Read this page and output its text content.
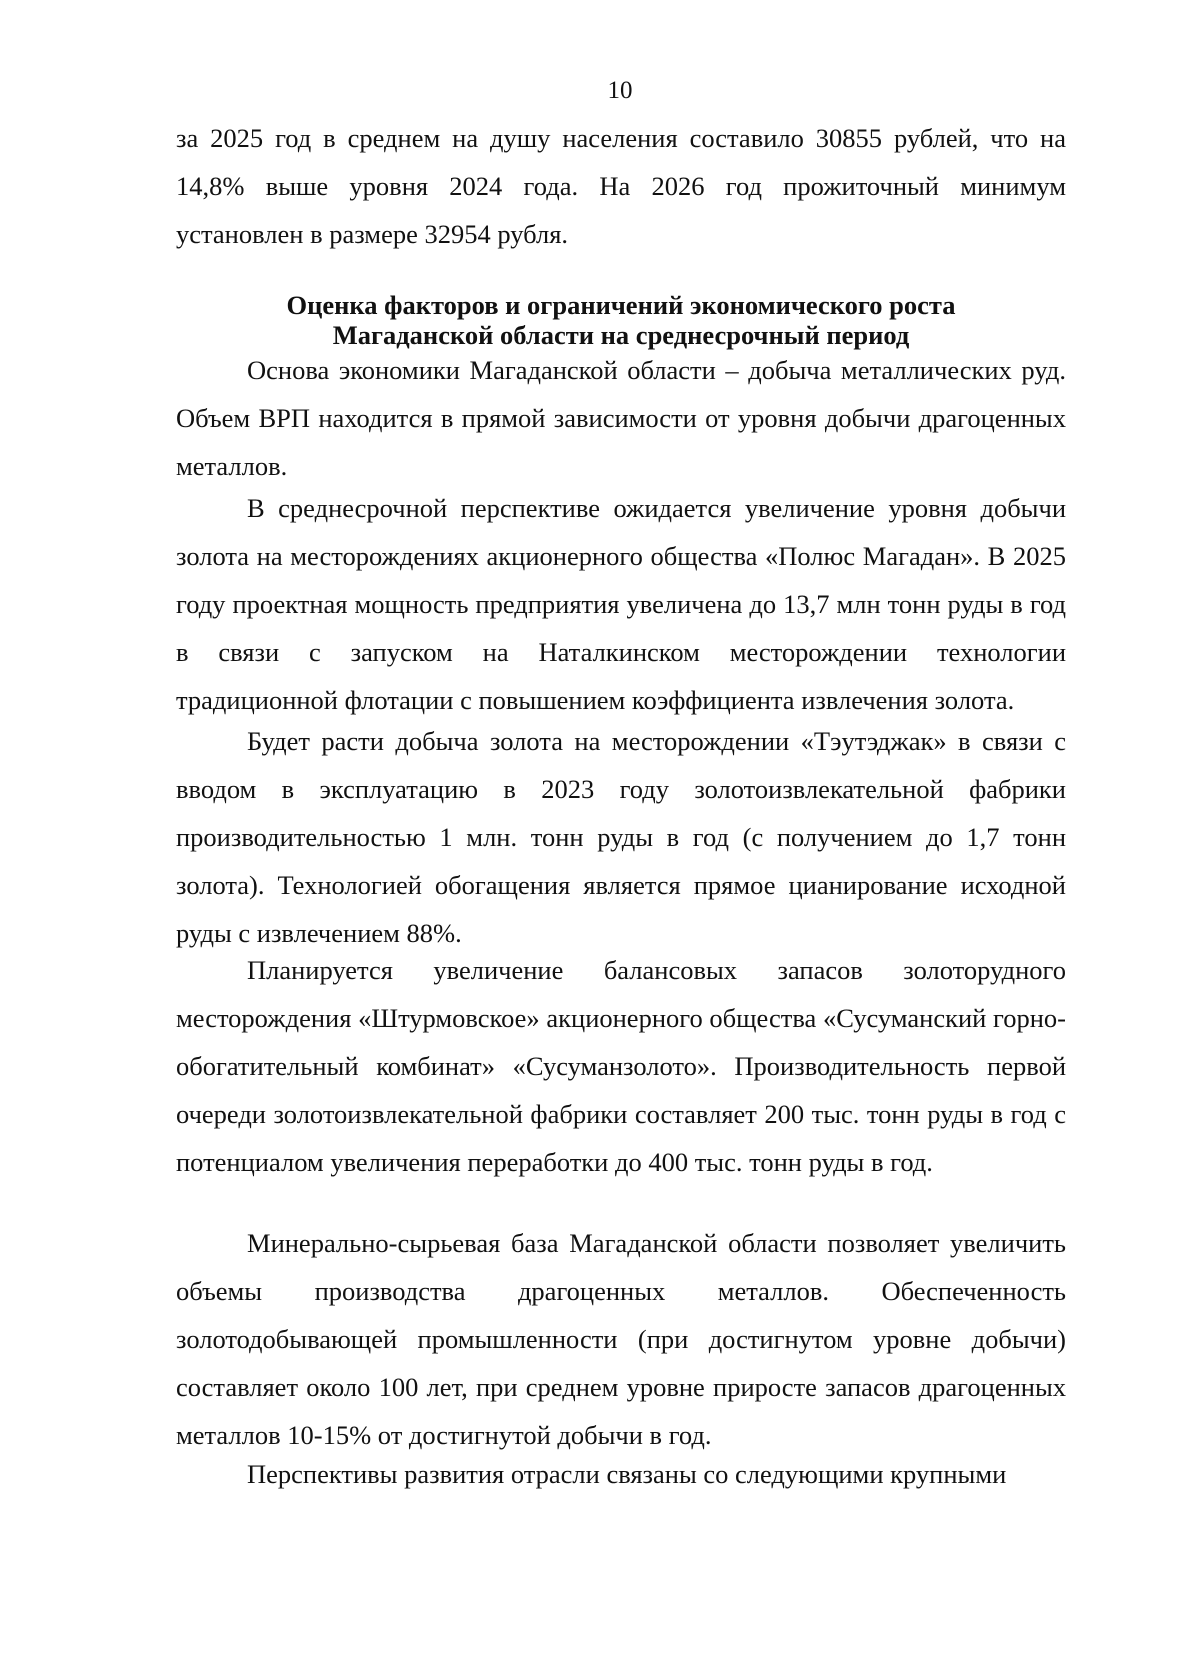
10

за 2025 год в среднем на душу населения составило 30855 рублей, что на 14,8% выше уровня 2024 года. На 2026 год прожиточный минимум установлен в размере 32954 рубля.

Оценка факторов и ограничений экономического роста
Магаданской области на среднесрочный период

Основа экономики Магаданской области – добыча металлических руд. Объем ВРП находится в прямой зависимости от уровня добычи драгоценных металлов.

В среднесрочной перспективе ожидается увеличение уровня добычи золота на месторождениях акционерного общества «Полюс Магадан». В 2025 году проектная мощность предприятия увеличена до 13,7 млн тонн руды в год в связи с запуском на Наталкинском месторождении технологии традиционной флотации с повышением коэффициента извлечения золота.

Будет расти добыча золота на месторождении «Тэутэджак» в связи с вводом в эксплуатацию в 2023 году золотоизвлекательной фабрики производительностью 1 млн. тонн руды в год (с получением до 1,7 тонн золота). Технологией обогащения является прямое цианирование исходной руды с извлечением 88%.

Планируется увеличение балансовых запасов золоторудного месторождения «Штурмовское» акционерного общества «Сусуманский горно-обогатительный комбинат» «Сусуманзолото». Производительность первой очереди золотоизвлекательной фабрики составляет 200 тыс. тонн руды в год с потенциалом увеличения переработки до 400 тыс. тонн руды в год.

Минерально-сырьевая база Магаданской области позволяет увеличить объемы производства драгоценных металлов. Обеспеченность золотодобывающей промышленности (при достигнутом уровне добычи) составляет около 100 лет, при среднем уровне приросте запасов драгоценных металлов 10-15% от достигнутой добычи в год.

Перспективы развития отрасли связаны со следующими крупными
